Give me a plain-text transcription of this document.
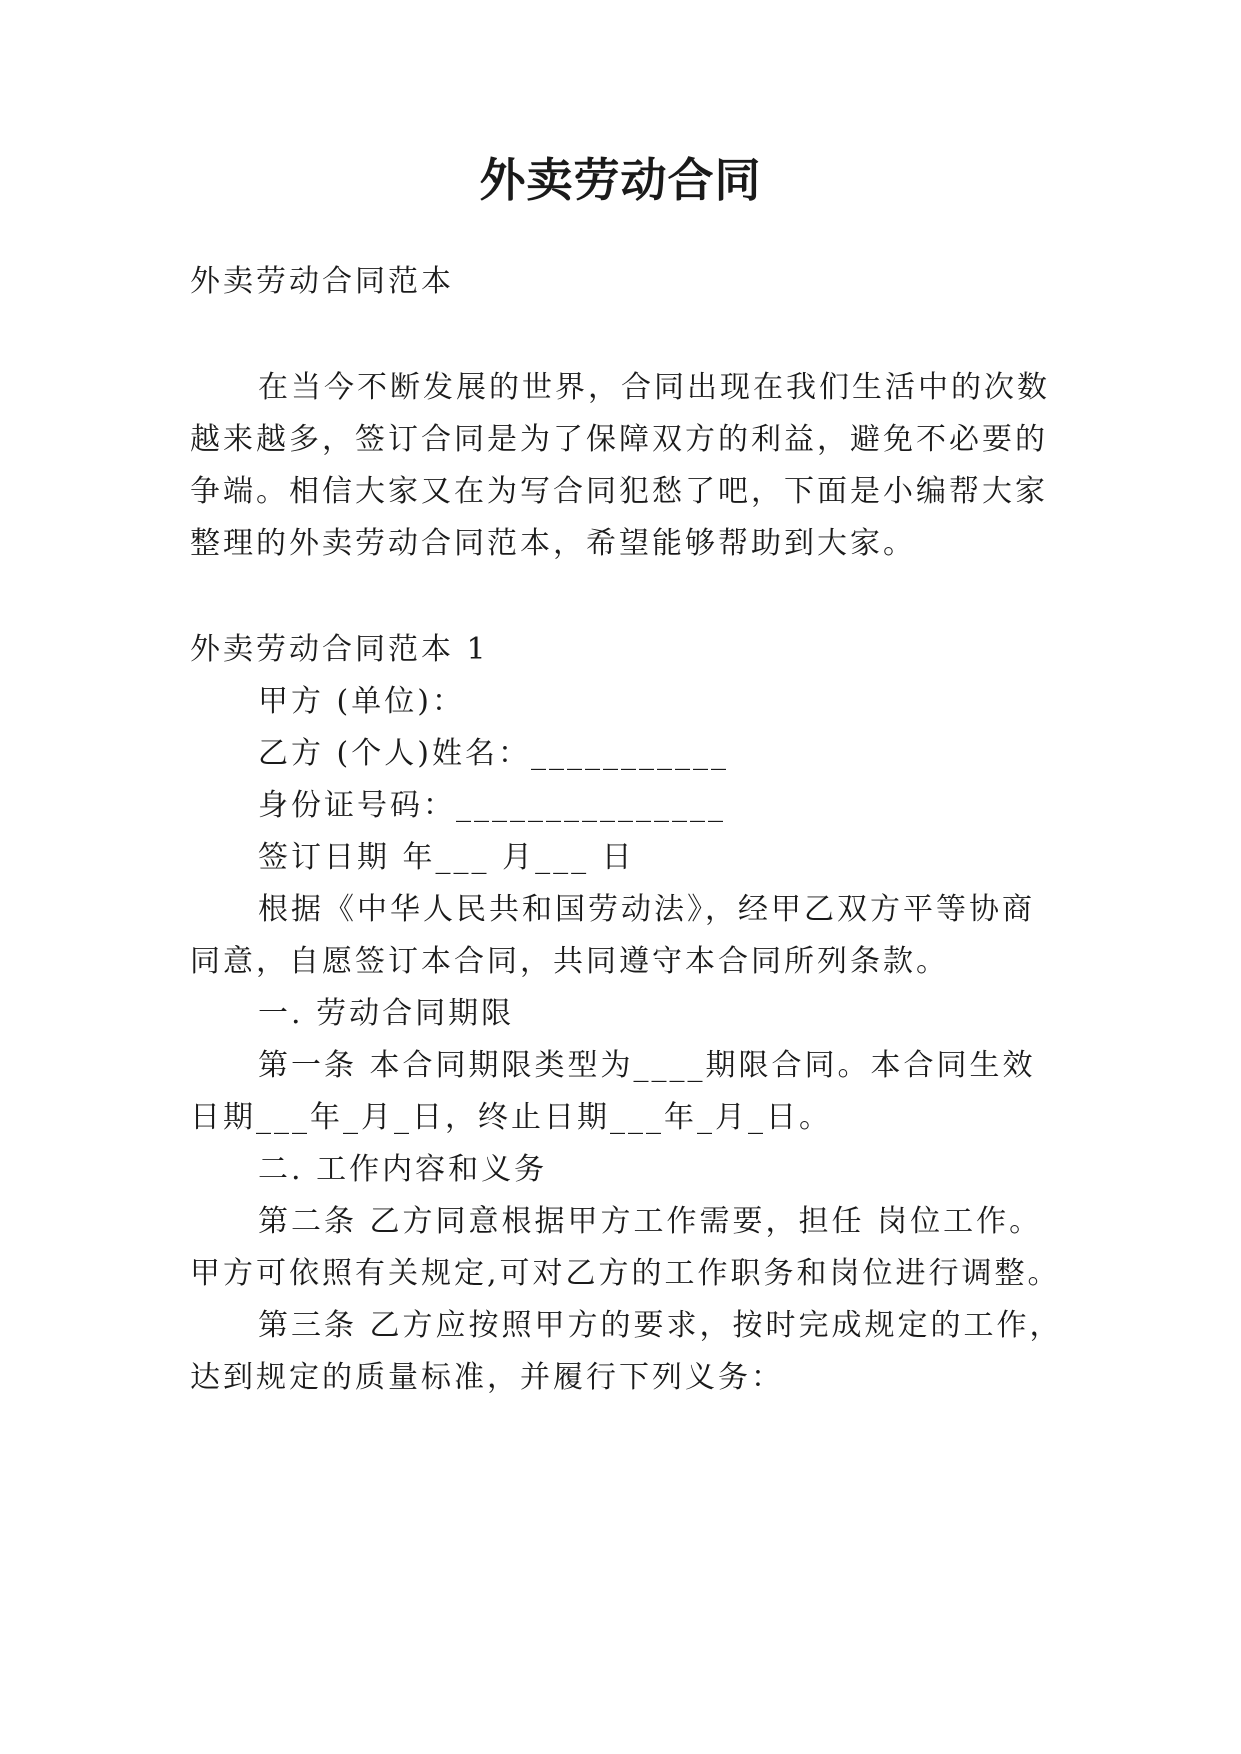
外卖劳动合同
外卖劳动合同范本
在当今不断发展的世界，合同出现在我们生活中的次数
越来越多，签订合同是为了保障双方的利益，避免不必要的
争端。相信大家又在为写合同犯愁了吧，下面是小编帮大家
整理的外卖劳动合同范本，希望能够帮助到大家。
外卖劳动合同范本 1
甲方 (单位)：
乙方 (个人)姓名：___________
身份证号码：_______________
签订日期 年___ 月___ 日
根据《中华人民共和国劳动法》，经甲乙双方平等协商
同意，自愿签订本合同，共同遵守本合同所列条款。
一. 劳动合同期限
第一条 本合同期限类型为____期限合同。本合同生效
日期___年_月_日，终止日期___年_月_日。
二. 工作内容和义务
第二条 乙方同意根据甲方工作需要，担任 岗位工作。
甲方可依照有关规定,可对乙方的工作职务和岗位进行调整。
第三条 乙方应按照甲方的要求，按时完成规定的工作，
达到规定的质量标准，并履行下列义务：
